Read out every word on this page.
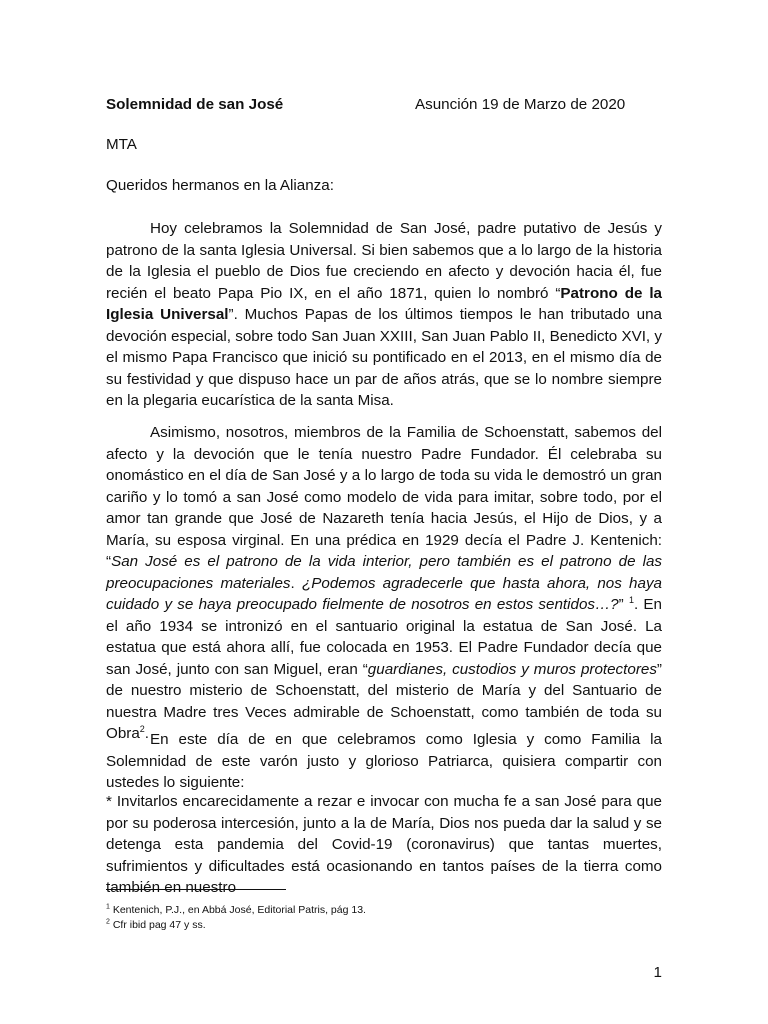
Solemnidad de san José	Asunción 19 de Marzo de 2020
MTA
Queridos hermanos en la Alianza:

Hoy celebramos la Solemnidad de San José, padre putativo de Jesús y patrono de la santa Iglesia Universal. Si bien sabemos que a lo largo de la historia de la Iglesia el pueblo de Dios fue creciendo en afecto y devoción hacia él, fue recién el beato Papa Pio IX, en el año 1871, quien lo nombró “Patrono de la Iglesia Universal”. Muchos Papas de los últimos tiempos le han tributado una devoción especial, sobre todo San Juan XXIII, San Juan Pablo II, Benedicto XVI, y el mismo Papa Francisco que inició su pontificado en el 2013, en el mismo día de su festividad y que dispuso hace un par de años atrás, que se lo nombre siempre en la plegaria eucarística de la santa Misa.

Asimismo, nosotros, miembros de la Familia de Schoenstatt, sabemos del afecto y la devoción que le tenía nuestro Padre Fundador. Él celebraba su onomástico en el día de San José y a lo largo de toda su vida le demostró un gran cariño y lo tomó a san José como modelo de vida para imitar, sobre todo, por el amor tan grande que José de Nazareth tenía hacia Jesús, el Hijo de Dios, y a María, su esposa virginal. En una prédica en 1929 decía el Padre J. Kentenich: “San José es el patrono de la vida interior, pero también es el patrono de las preocupaciones materiales. ¿Podemos agradecerle que hasta ahora, nos haya cuidado y se haya preocupado fielmente de nosotros en estos sentidos…?” $^1$. En el año 1934 se intronizó en el santuario original la estatua de San José. La estatua que está ahora allí, fue colocada en 1953. El Padre Fundador decía que san José, junto con san Miguel, eran “guardianes, custodios y muros protectores” de nuestro misterio de Schoenstatt, del misterio de María y del Santuario de nuestra Madre tres Veces admirable de Schoenstatt, como también de toda su Obra$^2$. En este día de en que celebramos como Iglesia y como Familia la Solemnidad de este varón justo y glorioso Patriarca, quisiera compartir con ustedes lo siguiente:

* Invitarlos encarecidamente a rezar e invocar con mucha fe a san José para que por su poderosa intercesión, junto a la de María, Dios nos pueda dar la salud y se detenga esta pandemia del Covid-19 (coronavirus) que tantas muertes, sufrimientos y dificultades está ocasionando en tantos países de la tierra como también en nuestro

$^1$ Kentenich, P.J., en Abbá José, Editorial Patris, pág 13.
$^2$ Cfr ibid pag 47 y ss.
1
